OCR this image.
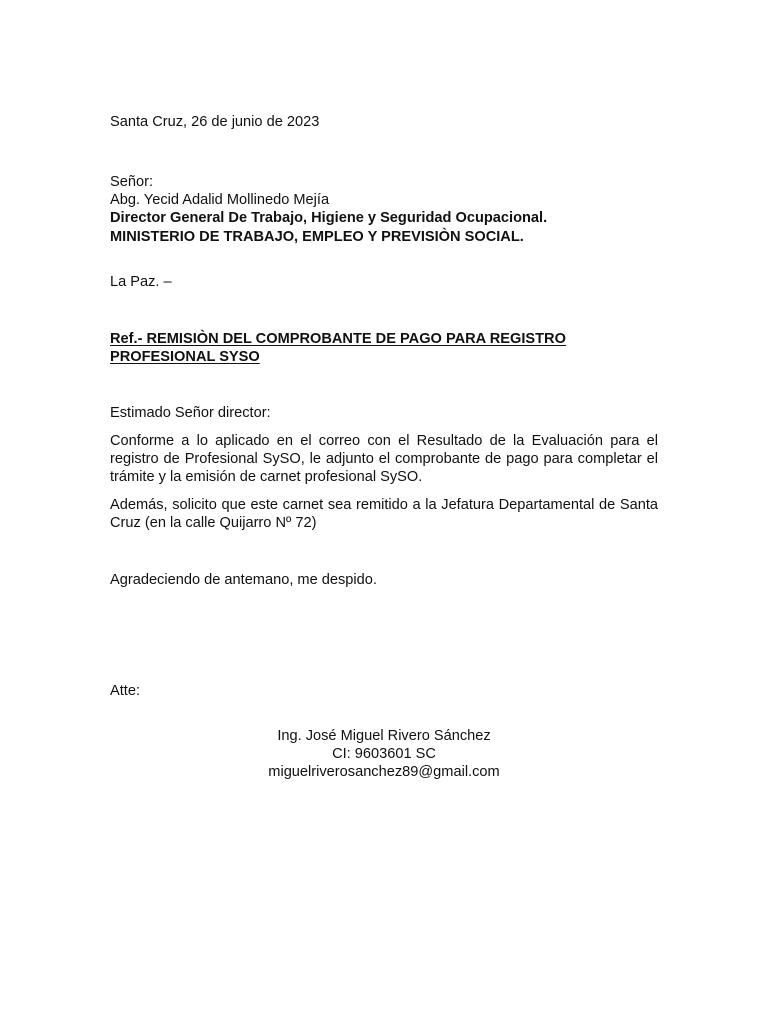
Santa Cruz, 26 de junio de 2023
Señor:
Abg. Yecid Adalid Mollinedo Mejía
Director General De Trabajo, Higiene y Seguridad Ocupacional.
MINISTERIO DE TRABAJO, EMPLEO Y PREVISIÒN SOCIAL.
La Paz. –
Ref.- REMISIÒN DEL COMPROBANTE DE PAGO PARA REGISTRO
PROFESIONAL SYSO
Estimado Señor director:
Conforme a lo aplicado en el correo con el Resultado de la Evaluación para el registro de Profesional SySO, le adjunto el comprobante de pago para completar el trámite y la emisión de carnet profesional SySO.
Además, solicito que este carnet sea remitido a la Jefatura Departamental de Santa Cruz (en la calle Quijarro Nº 72)
Agradeciendo de antemano, me despido.
Atte:
Ing. José Miguel Rivero Sánchez
CI: 9603601 SC
miguelriverosanchez89@gmail.com
